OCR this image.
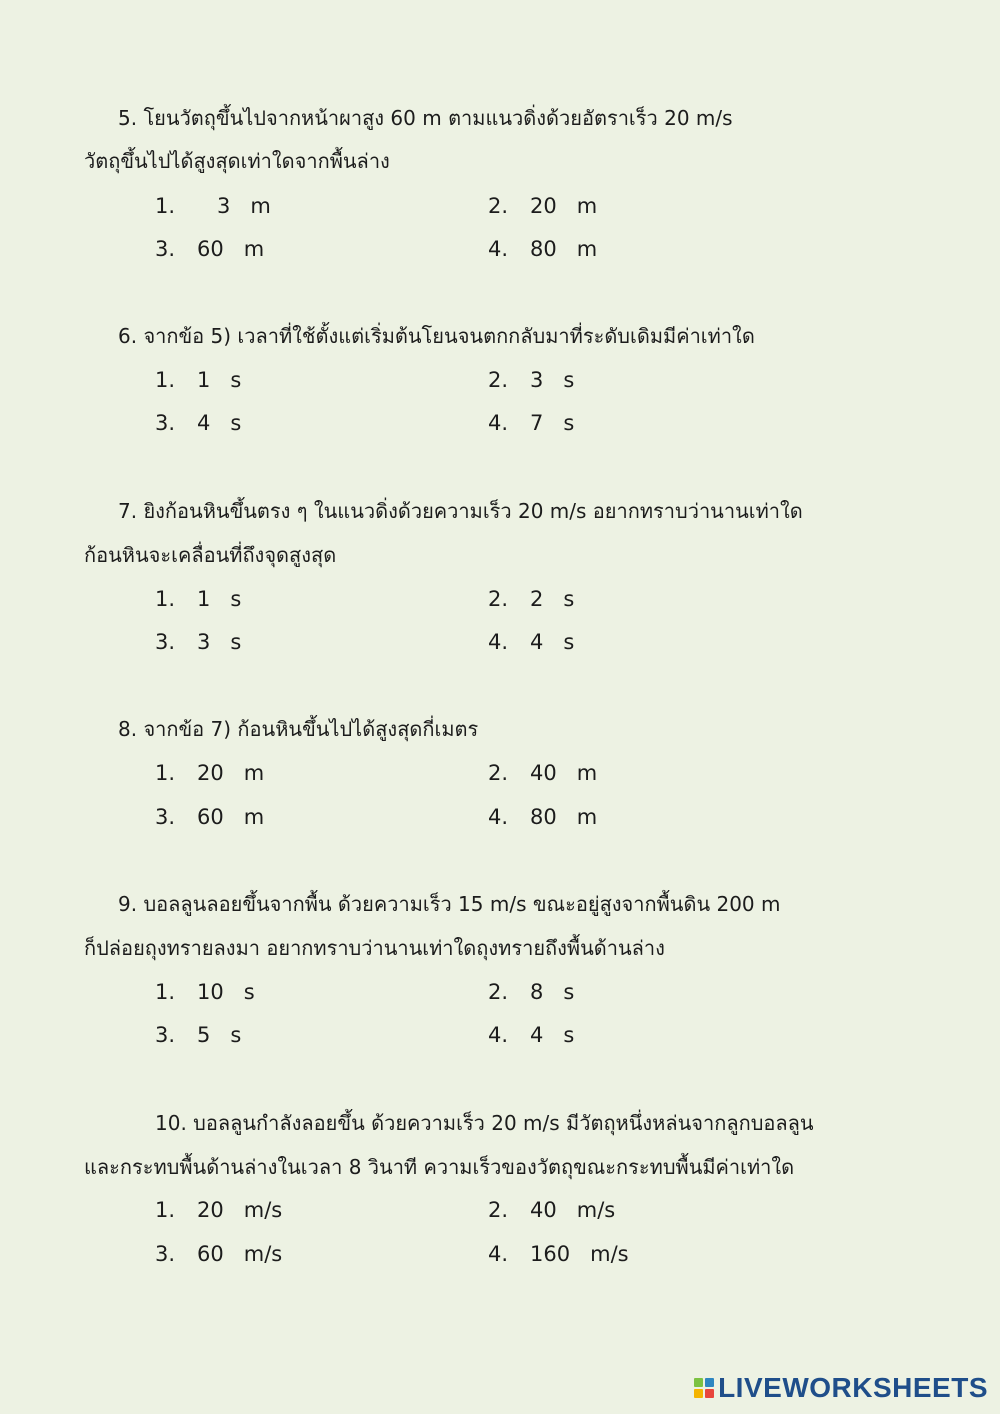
5. โยนวัตถุขึ้นไปจากหน้าผาสูง 60 m ตามแนวดิ่งด้วยอัตราเร็ว 20 m/s
วัตถุขึ้นไปได้สูงสุดเท่าใดจากพื้นล่าง
1.   3   m	2. 20   m
3. 60   m	4. 80   m
6. จากข้อ 5) เวลาที่ใช้ตั้งแต่เริ่มต้นโยนจนตกกลับมาที่ระดับเดิมมีค่าเท่าใด
1. 1   s	2. 3   s
3. 4   s	4. 7   s
7. ยิงก้อนหินขึ้นตรง ๆ ในแนวดิ่งด้วยความเร็ว 20 m/s อยากทราบว่านานเท่าใด
ก้อนหินจะเคลื่อนที่ถึงจุดสูงสุด
1. 1   s	2. 2   s
3. 3   s	4. 4   s
8. จากข้อ 7) ก้อนหินขึ้นไปได้สูงสุดกี่เมตร
1. 20   m	2. 40   m
3. 60   m	4. 80   m
9. บอลลูนลอยขึ้นจากพื้น ด้วยความเร็ว 15 m/s ขณะอยู่สูงจากพื้นดิน 200 m
ก็ปล่อยถุงทรายลงมา อยากทราบว่านานเท่าใดถุงทรายถึงพื้นด้านล่าง
1. 10   s	2. 8   s
3. 5   s	4. 4   s
10. บอลลูนกำลังลอยขึ้น ด้วยความเร็ว 20 m/s มีวัตถุหนึ่งหล่นจากลูกบอลลูน
และกระทบพื้นด้านล่างในเวลา 8 วินาที ความเร็วของวัตถุขณะกระทบพื้นมีค่าเท่าใด
1. 20   m/s	2. 40   m/s
3. 60   m/s	4. 160   m/s
LIVEWORKSHEETS
